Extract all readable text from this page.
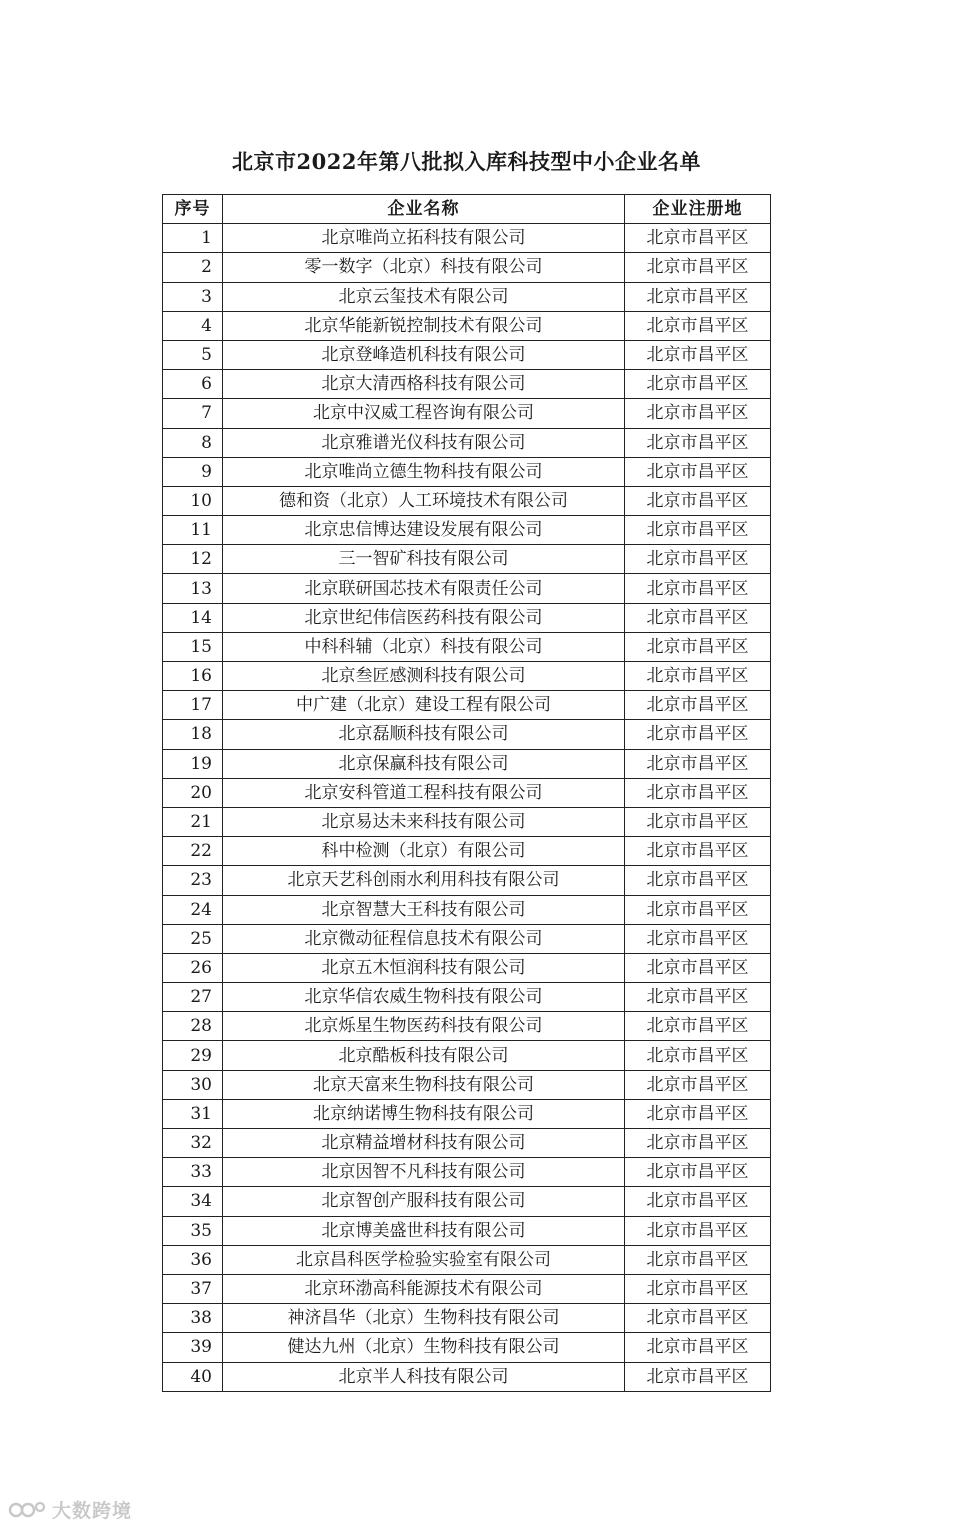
北京市2022年第八批拟入库科技型中小企业名单
序号	企业名称	企业注册地
1	北京唯尚立拓科技有限公司	北京市昌平区
2	零一数字（北京）科技有限公司	北京市昌平区
3	北京云玺技术有限公司	北京市昌平区
4	北京华能新锐控制技术有限公司	北京市昌平区
5	北京登峰造机科技有限公司	北京市昌平区
6	北京大清西格科技有限公司	北京市昌平区
7	北京中汉威工程咨询有限公司	北京市昌平区
8	北京雅谱光仪科技有限公司	北京市昌平区
9	北京唯尚立德生物科技有限公司	北京市昌平区
10	德和资（北京）人工环境技术有限公司	北京市昌平区
11	北京忠信博达建设发展有限公司	北京市昌平区
12	三一智矿科技有限公司	北京市昌平区
13	北京联研国芯技术有限责任公司	北京市昌平区
14	北京世纪伟信医药科技有限公司	北京市昌平区
15	中科科辅（北京）科技有限公司	北京市昌平区
16	北京叁匠感测科技有限公司	北京市昌平区
17	中广建（北京）建设工程有限公司	北京市昌平区
18	北京磊顺科技有限公司	北京市昌平区
19	北京保赢科技有限公司	北京市昌平区
20	北京安科管道工程科技有限公司	北京市昌平区
21	北京易达未来科技有限公司	北京市昌平区
22	科中检测（北京）有限公司	北京市昌平区
23	北京天艺科创雨水利用科技有限公司	北京市昌平区
24	北京智慧大王科技有限公司	北京市昌平区
25	北京微动征程信息技术有限公司	北京市昌平区
26	北京五木恒润科技有限公司	北京市昌平区
27	北京华信农威生物科技有限公司	北京市昌平区
28	北京烁星生物医药科技有限公司	北京市昌平区
29	北京酷板科技有限公司	北京市昌平区
30	北京天富来生物科技有限公司	北京市昌平区
31	北京纳诺博生物科技有限公司	北京市昌平区
32	北京精益增材科技有限公司	北京市昌平区
33	北京因智不凡科技有限公司	北京市昌平区
34	北京智创产服科技有限公司	北京市昌平区
35	北京博美盛世科技有限公司	北京市昌平区
36	北京昌科医学检验实验室有限公司	北京市昌平区
37	北京环渤高科能源技术有限公司	北京市昌平区
38	神济昌华（北京）生物科技有限公司	北京市昌平区
39	健达九州（北京）生物科技有限公司	北京市昌平区
40	北京半人科技有限公司	北京市昌平区
大数跨境
